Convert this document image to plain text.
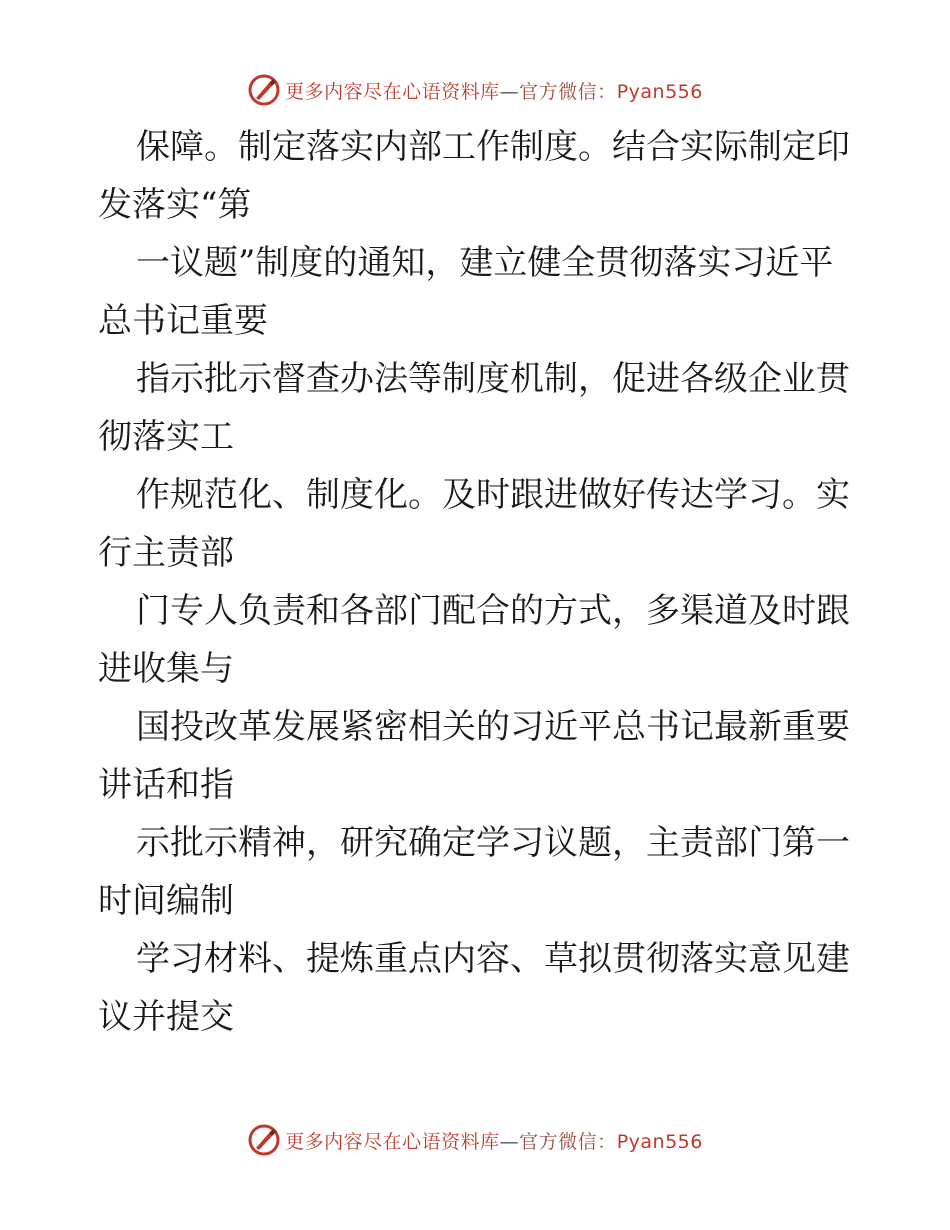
更多内容尽在心语资料库—官方微信：Pyan556

保障。制定落实内部工作制度。结合实际制定印
发落实“第

一议题”制度的通知，建立健全贯彻落实习近平
总书记重要

指示批示督查办法等制度机制，促进各级企业贯
彻落实工

作规范化、制度化。及时跟进做好传达学习。实
行主责部

门专人负责和各部门配合的方式，多渠道及时跟
进收集与

国投改革发展紧密相关的习近平总书记最新重要
讲话和指

示批示精神，研究确定学习议题，主责部门第一
时间编制

学习材料、提炼重点内容、草拟贯彻落实意见建
议并提交

更多内容尽在心语资料库—官方微信：Pyan556
